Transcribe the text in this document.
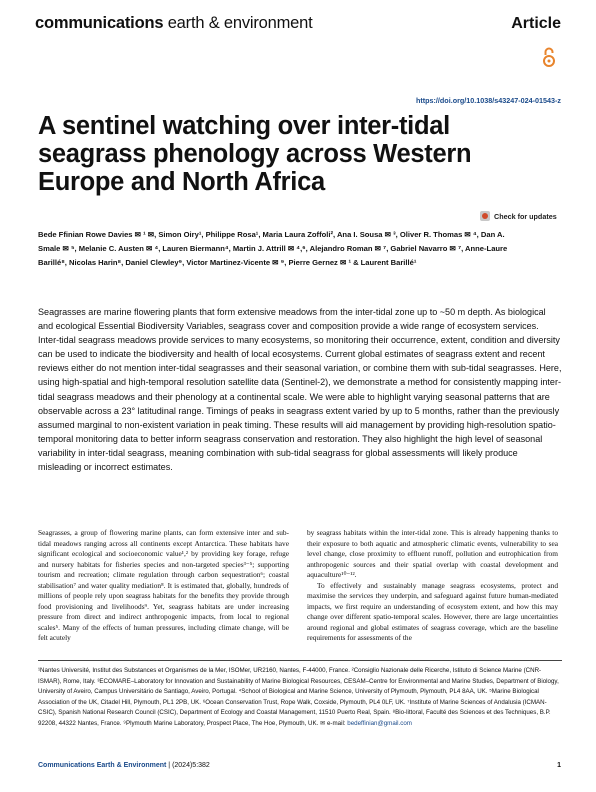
communications earth & environment	Article
https://doi.org/10.1038/s43247-024-01543-z
A sentinel watching over inter-tidal seagrass phenology across Western Europe and North Africa
Check for updates
Bede Ffinian Rowe Davies ✉ ¹ ✉, Simon Oiry¹, Philippe Rosa¹, Maria Laura Zoffoli², Ana I. Sousa ✉ ³, Oliver R. Thomas ✉ ⁴, Dan A. Smale ✉ ⁵, Melanie C. Austen ✉ ⁴, Lauren Biermann⁴, Martin J. Attrill ✉ ⁴,⁶, Alejandro Roman ✉ ⁷, Gabriel Navarro ✉ ⁷, Anne-Laure Barillé⁸, Nicolas Harin⁸, Daniel Clewley⁹, Victor Martinez-Vicente ✉ ⁹, Pierre Gernez ✉ ¹ & Laurent Barillé¹

Seagrasses are marine flowering plants that form extensive meadows from the inter-tidal zone up to ~50 m depth. As biological and ecological Essential Biodiversity Variables, seagrass cover and composition provide a wide range of ecosystem services. Inter-tidal seagrass meadows provide services to many ecosystems, so monitoring their occurrence, extent, condition and diversity can be used to indicate the biodiversity and health of local ecosystems. Current global estimates of seagrass extent and recent reviews either do not mention inter-tidal seagrasses and their seasonal variation, or combine them with sub-tidal seagrasses. Here, using high-spatial and high-temporal resolution satellite data (Sentinel-2), we demonstrate a method for consistently mapping inter-tidal seagrass meadows and their phenology at a continental scale. We were able to highlight varying seasonal patterns that are observable across a 23° latitudinal range. Timings of peaks in seagrass extent varied by up to 5 months, rather than the previously assumed marginal to non-existent variation in peak timing. These results will aid management by providing high-resolution spatio-temporal monitoring data to better inform seagrass conservation and restoration. They also highlight the high level of seasonal variability in inter-tidal seagrass, meaning combination with sub-tidal seagrass for global assessments will likely produce misleading or incorrect estimates.

Seagrasses, a group of flowering marine plants, can form extensive inter and sub-tidal meadows ranging across all continents except Antarctica. These habitats have significant ecological and socioeconomic value¹,² by providing key forage, refuge and nursery habitats for fisheries species and non-targeted species³⁻⁵; supporting tourism and recreation; climate regulation through carbon sequestration⁶; coastal stabilisation⁷ and water quality mediation⁸. It is estimated that, globally, hundreds of millions of people rely upon seagrass habitats for the benefits they provide through food provisioning and livelihoods⁹. Yet, seagrass habitats are under increasing pressure from direct and indirect anthropogenic impacts, from local to regional scales⁵. Many of the effects of human pressures, including climate change, will be felt acutely

by seagrass habitats within the inter-tidal zone. This is already happening thanks to their exposure to both aquatic and atmospheric climatic events, vulnerability to sea level change, close proximity to effluent runoff, pollution and eutrophication from anthropogenic sources and their spatial overlap with coastal development and aquaculture¹⁰⁻¹².

To effectively and sustainably manage seagrass ecosystems, protect and maximise the services they underpin, and safeguard against future human-mediated impacts, we first require an understanding of ecosystem extent, and how this may change over different spatio-temporal scales. However, there are large uncertainties around regional and global estimates of seagrass coverage, which are the baseline requirements for assessments of the

¹Nantes Université, Institut des Substances et Organismes de la Mer, ISOMer, UR2160, Nantes, F-44000, France. ²Consiglio Nazionale delle Ricerche, Istituto di Science Marine (CNR-ISMAR), Rome, Italy. ³ECOMARE–Laboratory for Innovation and Sustainability of Marine Biological Resources, CESAM–Centre for Environmental and Marine Studies, Department of Biology, University of Aveiro, Campus Universitário de Santiago, Aveiro, Portugal. ⁴School of Biological and Marine Science, University of Plymouth, Plymouth, PL4 8AA, UK. ⁵Marine Biological Association of the UK, Citadel Hill, Plymouth, PL1 2PB, UK. ⁶Ocean Conservation Trust, Rope Walk, Coxside, Plymouth, PL4 0LF, UK. ⁷Institute of Marine Sciences of Andalusia (ICMAN-CSIC), Spanish National Research Council (CSIC), Department of Ecology and Coastal Management, 11510 Puerto Real, Spain. ⁸Bio-littoral, Faculté des Sciences et des Techniques, B.P. 92208, 44322 Nantes, France. ⁹Plymouth Marine Laboratory, Prospect Place, The Hoe, Plymouth, UK. ✉ e-mail: bedeffinian@gmail.com

Communications Earth & Environment | (2024)5:382	1
